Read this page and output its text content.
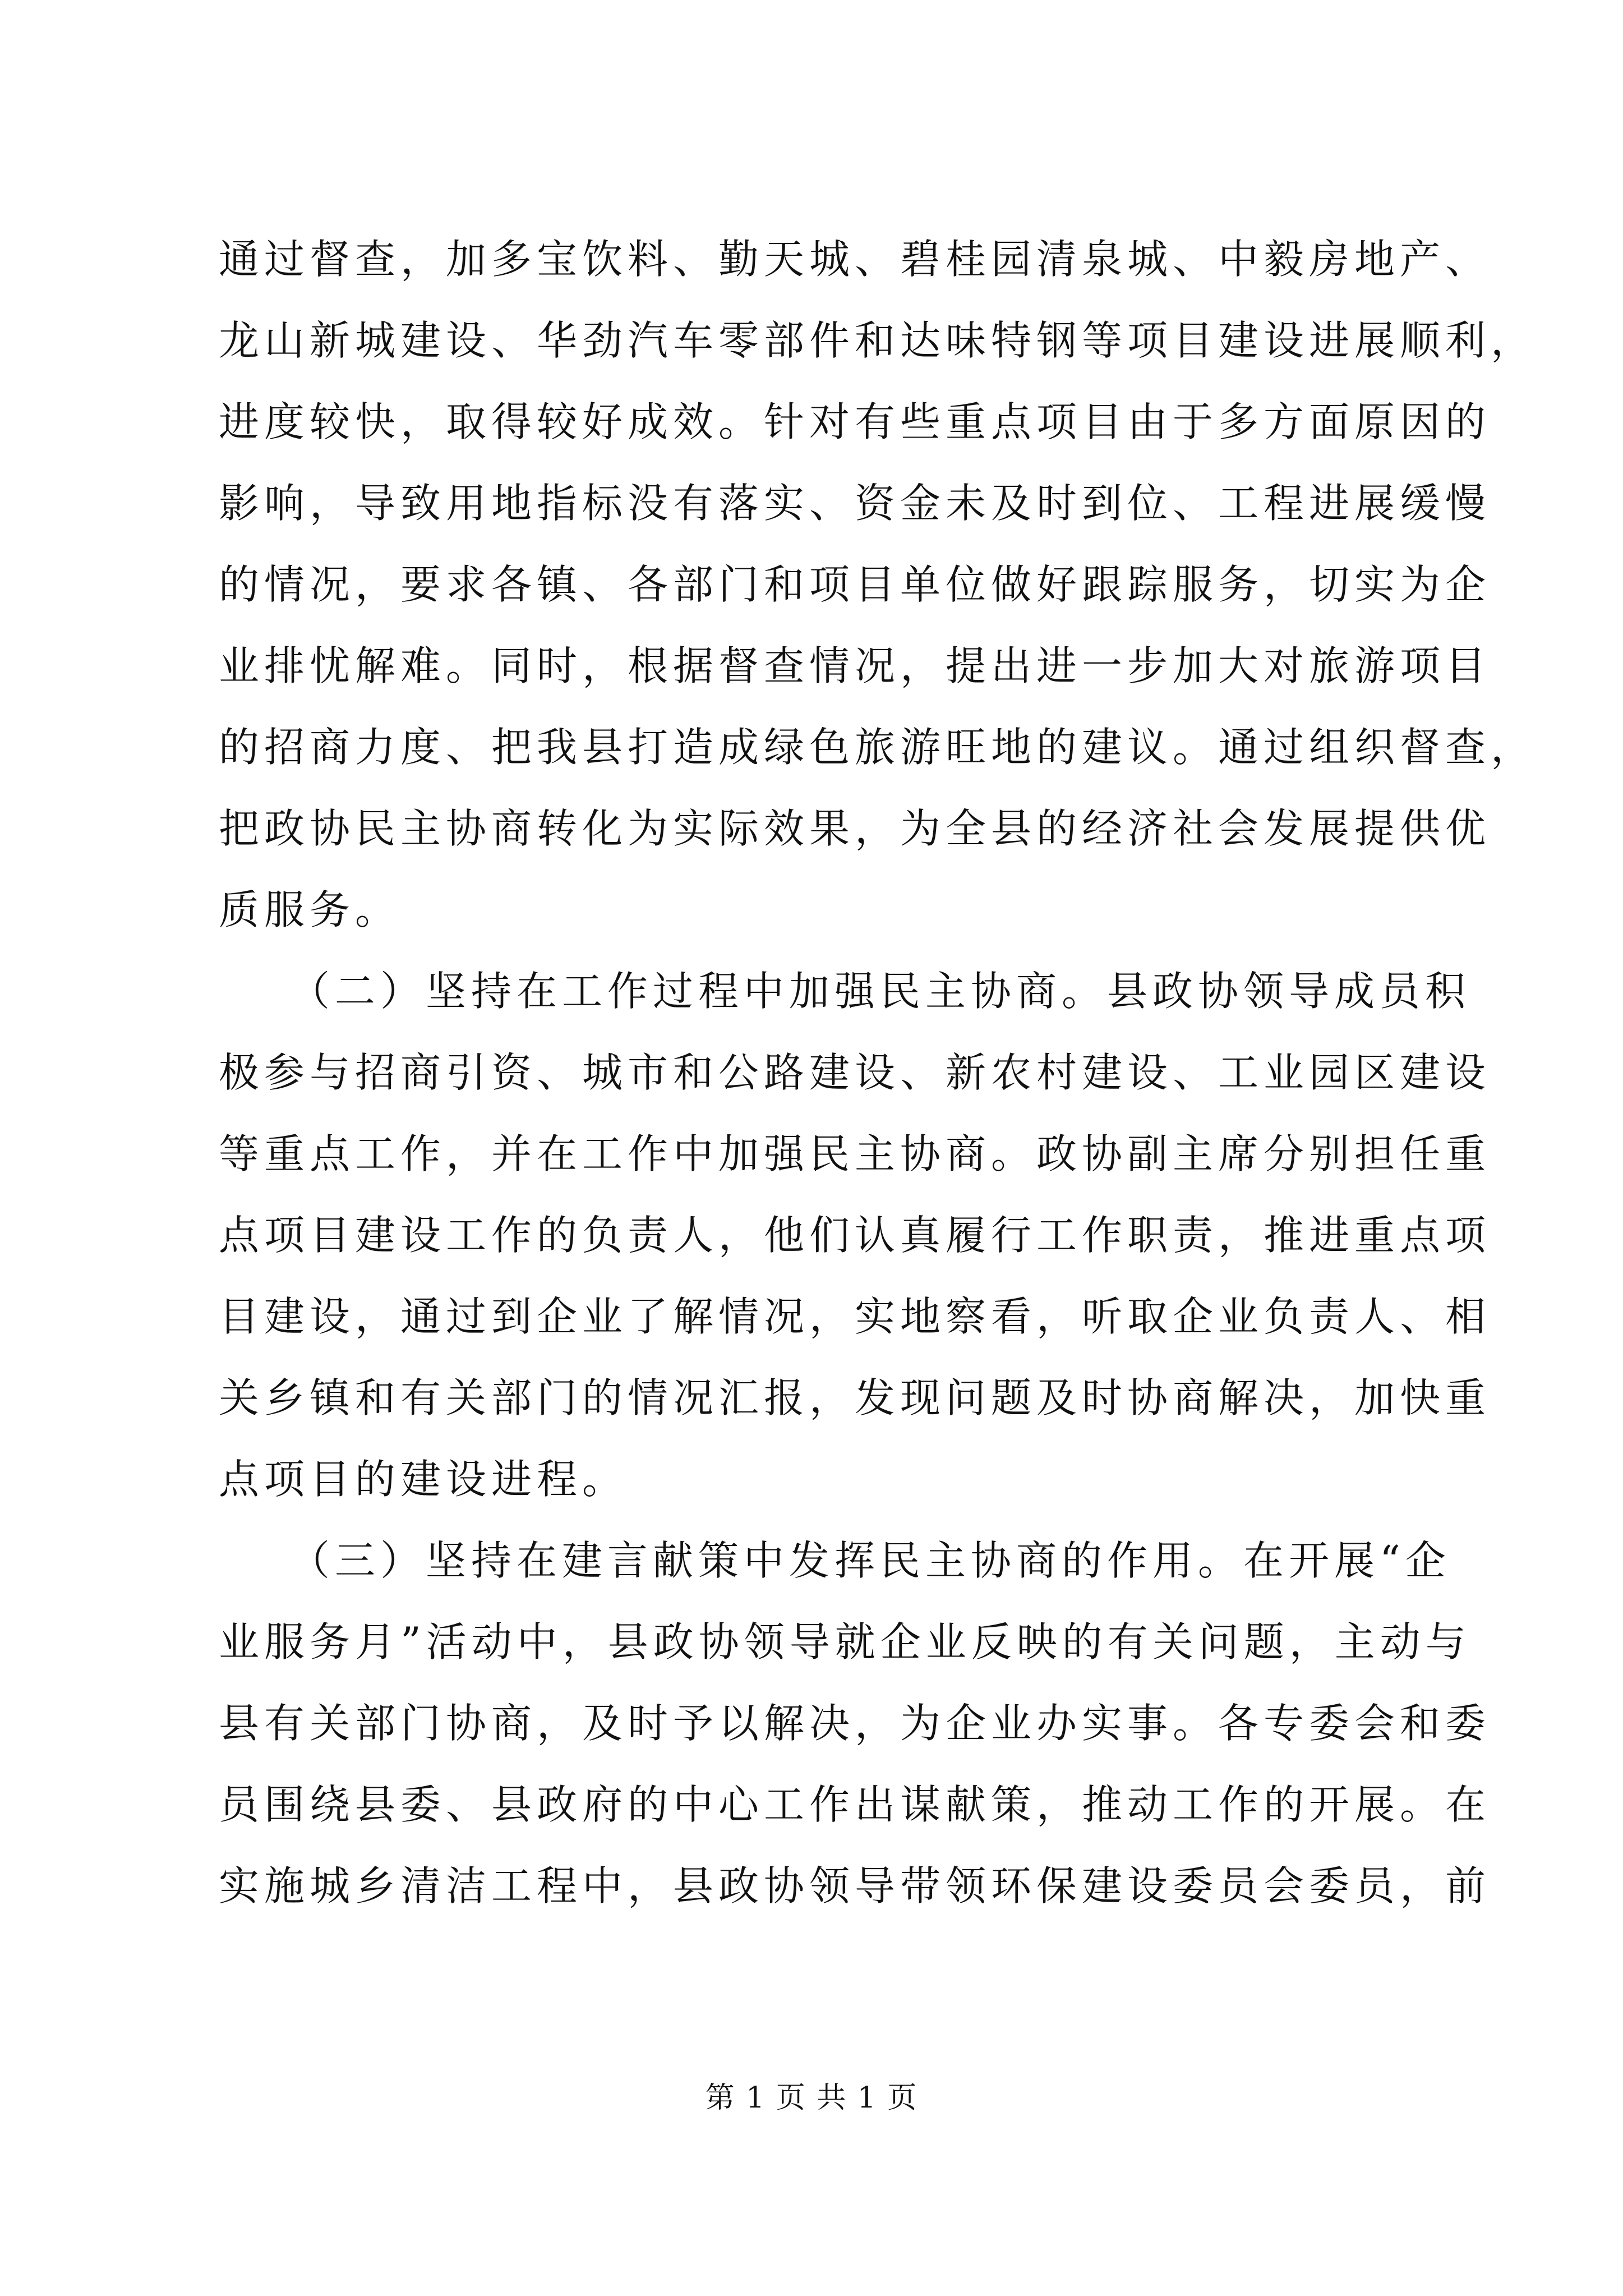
通过督查，加多宝饮料、勤天城、碧桂园清泉城、中毅房地产、
龙山新城建设、华劲汽车零部件和达味特钢等项目建设进展顺利，
进度较快，取得较好成效。针对有些重点项目由于多方面原因的
影响，导致用地指标没有落实、资金未及时到位、工程进展缓慢
的情况，要求各镇、各部门和项目单位做好跟踪服务，切实为企
业排忧解难。同时，根据督查情况，提出进一步加大对旅游项目
的招商力度、把我县打造成绿色旅游旺地的建议。通过组织督查，
把政协民主协商转化为实际效果，为全县的经济社会发展提供优
质服务。
　　（二）坚持在工作过程中加强民主协商。县政协领导成员积
极参与招商引资、城市和公路建设、新农村建设、工业园区建设
等重点工作，并在工作中加强民主协商。政协副主席分别担任重
点项目建设工作的负责人，他们认真履行工作职责，推进重点项
目建设，通过到企业了解情况，实地察看，听取企业负责人、相
关乡镇和有关部门的情况汇报，发现问题及时协商解决，加快重
点项目的建设进程。
　　（三）坚持在建言献策中发挥民主协商的作用。在开展“企
业服务月”活动中，县政协领导就企业反映的有关问题，主动与
县有关部门协商，及时予以解决，为企业办实事。各专委会和委
员围绕县委、县政府的中心工作出谋献策，推动工作的开展。在
实施城乡清洁工程中，县政协领导带领环保建设委员会委员，前
第 1 页 共 1 页
